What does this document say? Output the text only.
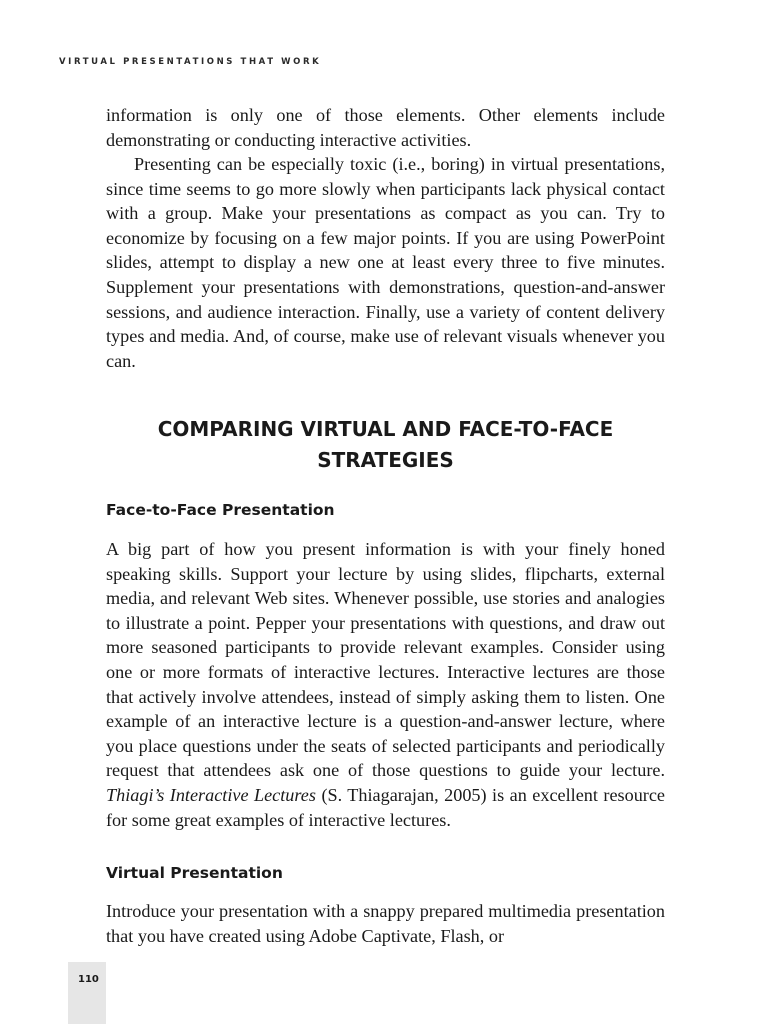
VIRTUAL PRESENTATIONS THAT WORK

information is only one of those elements. Other elements include demonstrating or conducting interactive activities.

Presenting can be especially toxic (i.e., boring) in virtual presentations, since time seems to go more slowly when participants lack physical contact with a group. Make your presentations as compact as you can. Try to economize by focusing on a few major points. If you are using PowerPoint slides, attempt to display a new one at least every three to five minutes. Supplement your presentations with demonstrations, question-and-answer sessions, and audience interaction. Finally, use a variety of content delivery types and media. And, of course, make use of relevant visuals whenever you can.

COMPARING VIRTUAL AND FACE-TO-FACE
STRATEGIES
Face-to-Face Presentation

A big part of how you present information is with your finely honed speaking skills. Support your lecture by using slides, flipcharts, external media, and relevant Web sites. Whenever possible, use stories and analogies to illustrate a point. Pepper your presentations with questions, and draw out more seasoned participants to provide relevant examples. Consider using one or more formats of interactive lectures. Interactive lectures are those that actively involve attendees, instead of simply asking them to listen. One example of an interactive lecture is a question-and-answer lecture, where you place questions under the seats of selected participants and periodically request that attendees ask one of those questions to guide your lecture. Thiagi’s Interactive Lectures (S. Thiagarajan, 2005) is an excellent resource for some great examples of interactive lectures.

Virtual Presentation

Introduce your presentation with a snappy prepared multimedia presentation that you have created using Adobe Captivate, Flash, or

110
